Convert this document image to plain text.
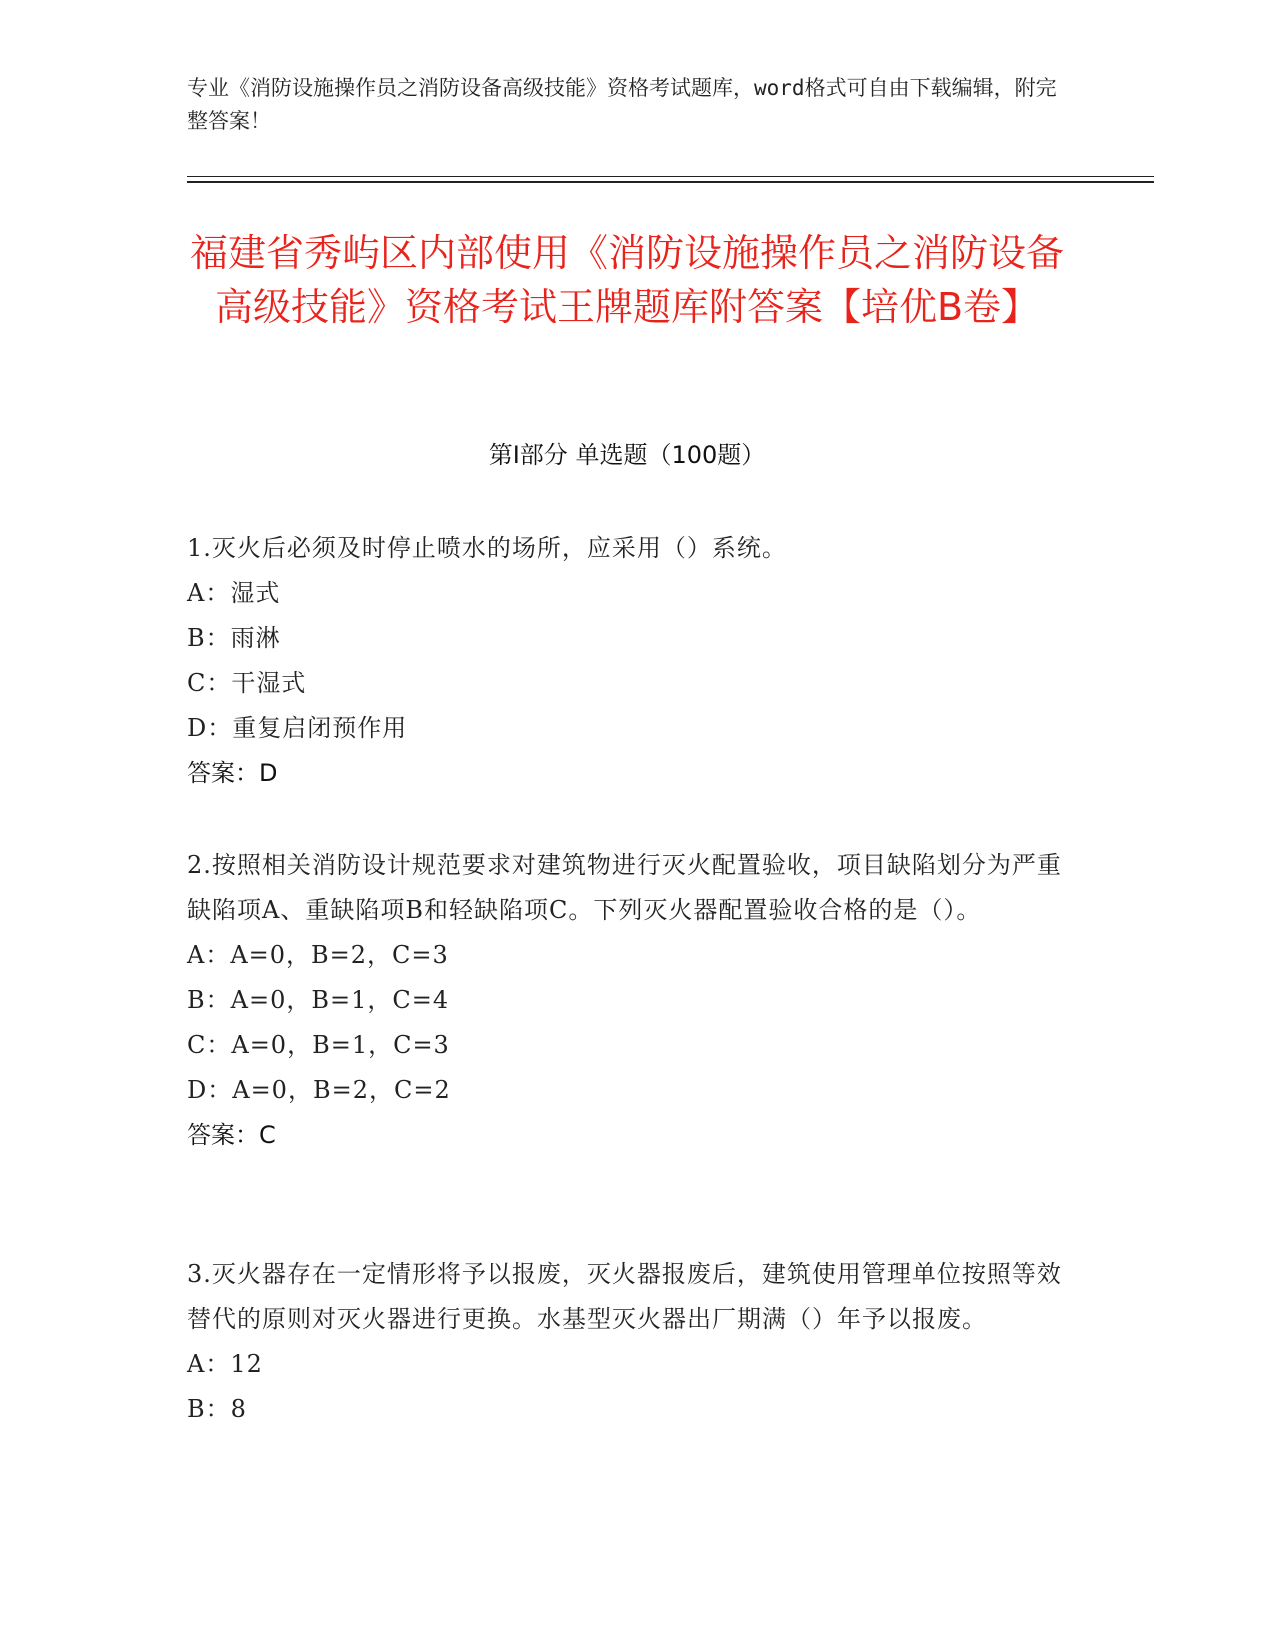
专业《消防设施操作员之消防设备高级技能》资格考试题库，word格式可自由下载编辑，附完整答案！
福建省秀屿区内部使用《消防设施操作员之消防设备高级技能》资格考试王牌题库附答案【培优B卷】
第Ⅰ部分 单选题（100题）
1.灭火后必须及时停止喷水的场所，应采用（）系统。
A：湿式
B：雨淋
C：干湿式
D：重复启闭预作用
答案：D
2.按照相关消防设计规范要求对建筑物进行灭火配置验收，项目缺陷划分为严重缺陷项A、重缺陷项B和轻缺陷项C。下列灭火器配置验收合格的是（）。
A：A=0，B=2，C=3
B：A=0，B=1，C=4
C：A=0，B=1，C=3
D：A=0，B=2，C=2
答案：C
3.灭火器存在一定情形将予以报废，灭火器报废后，建筑使用管理单位按照等效替代的原则对灭火器进行更换。水基型灭火器出厂期满（）年予以报废。
A：12
B：8
